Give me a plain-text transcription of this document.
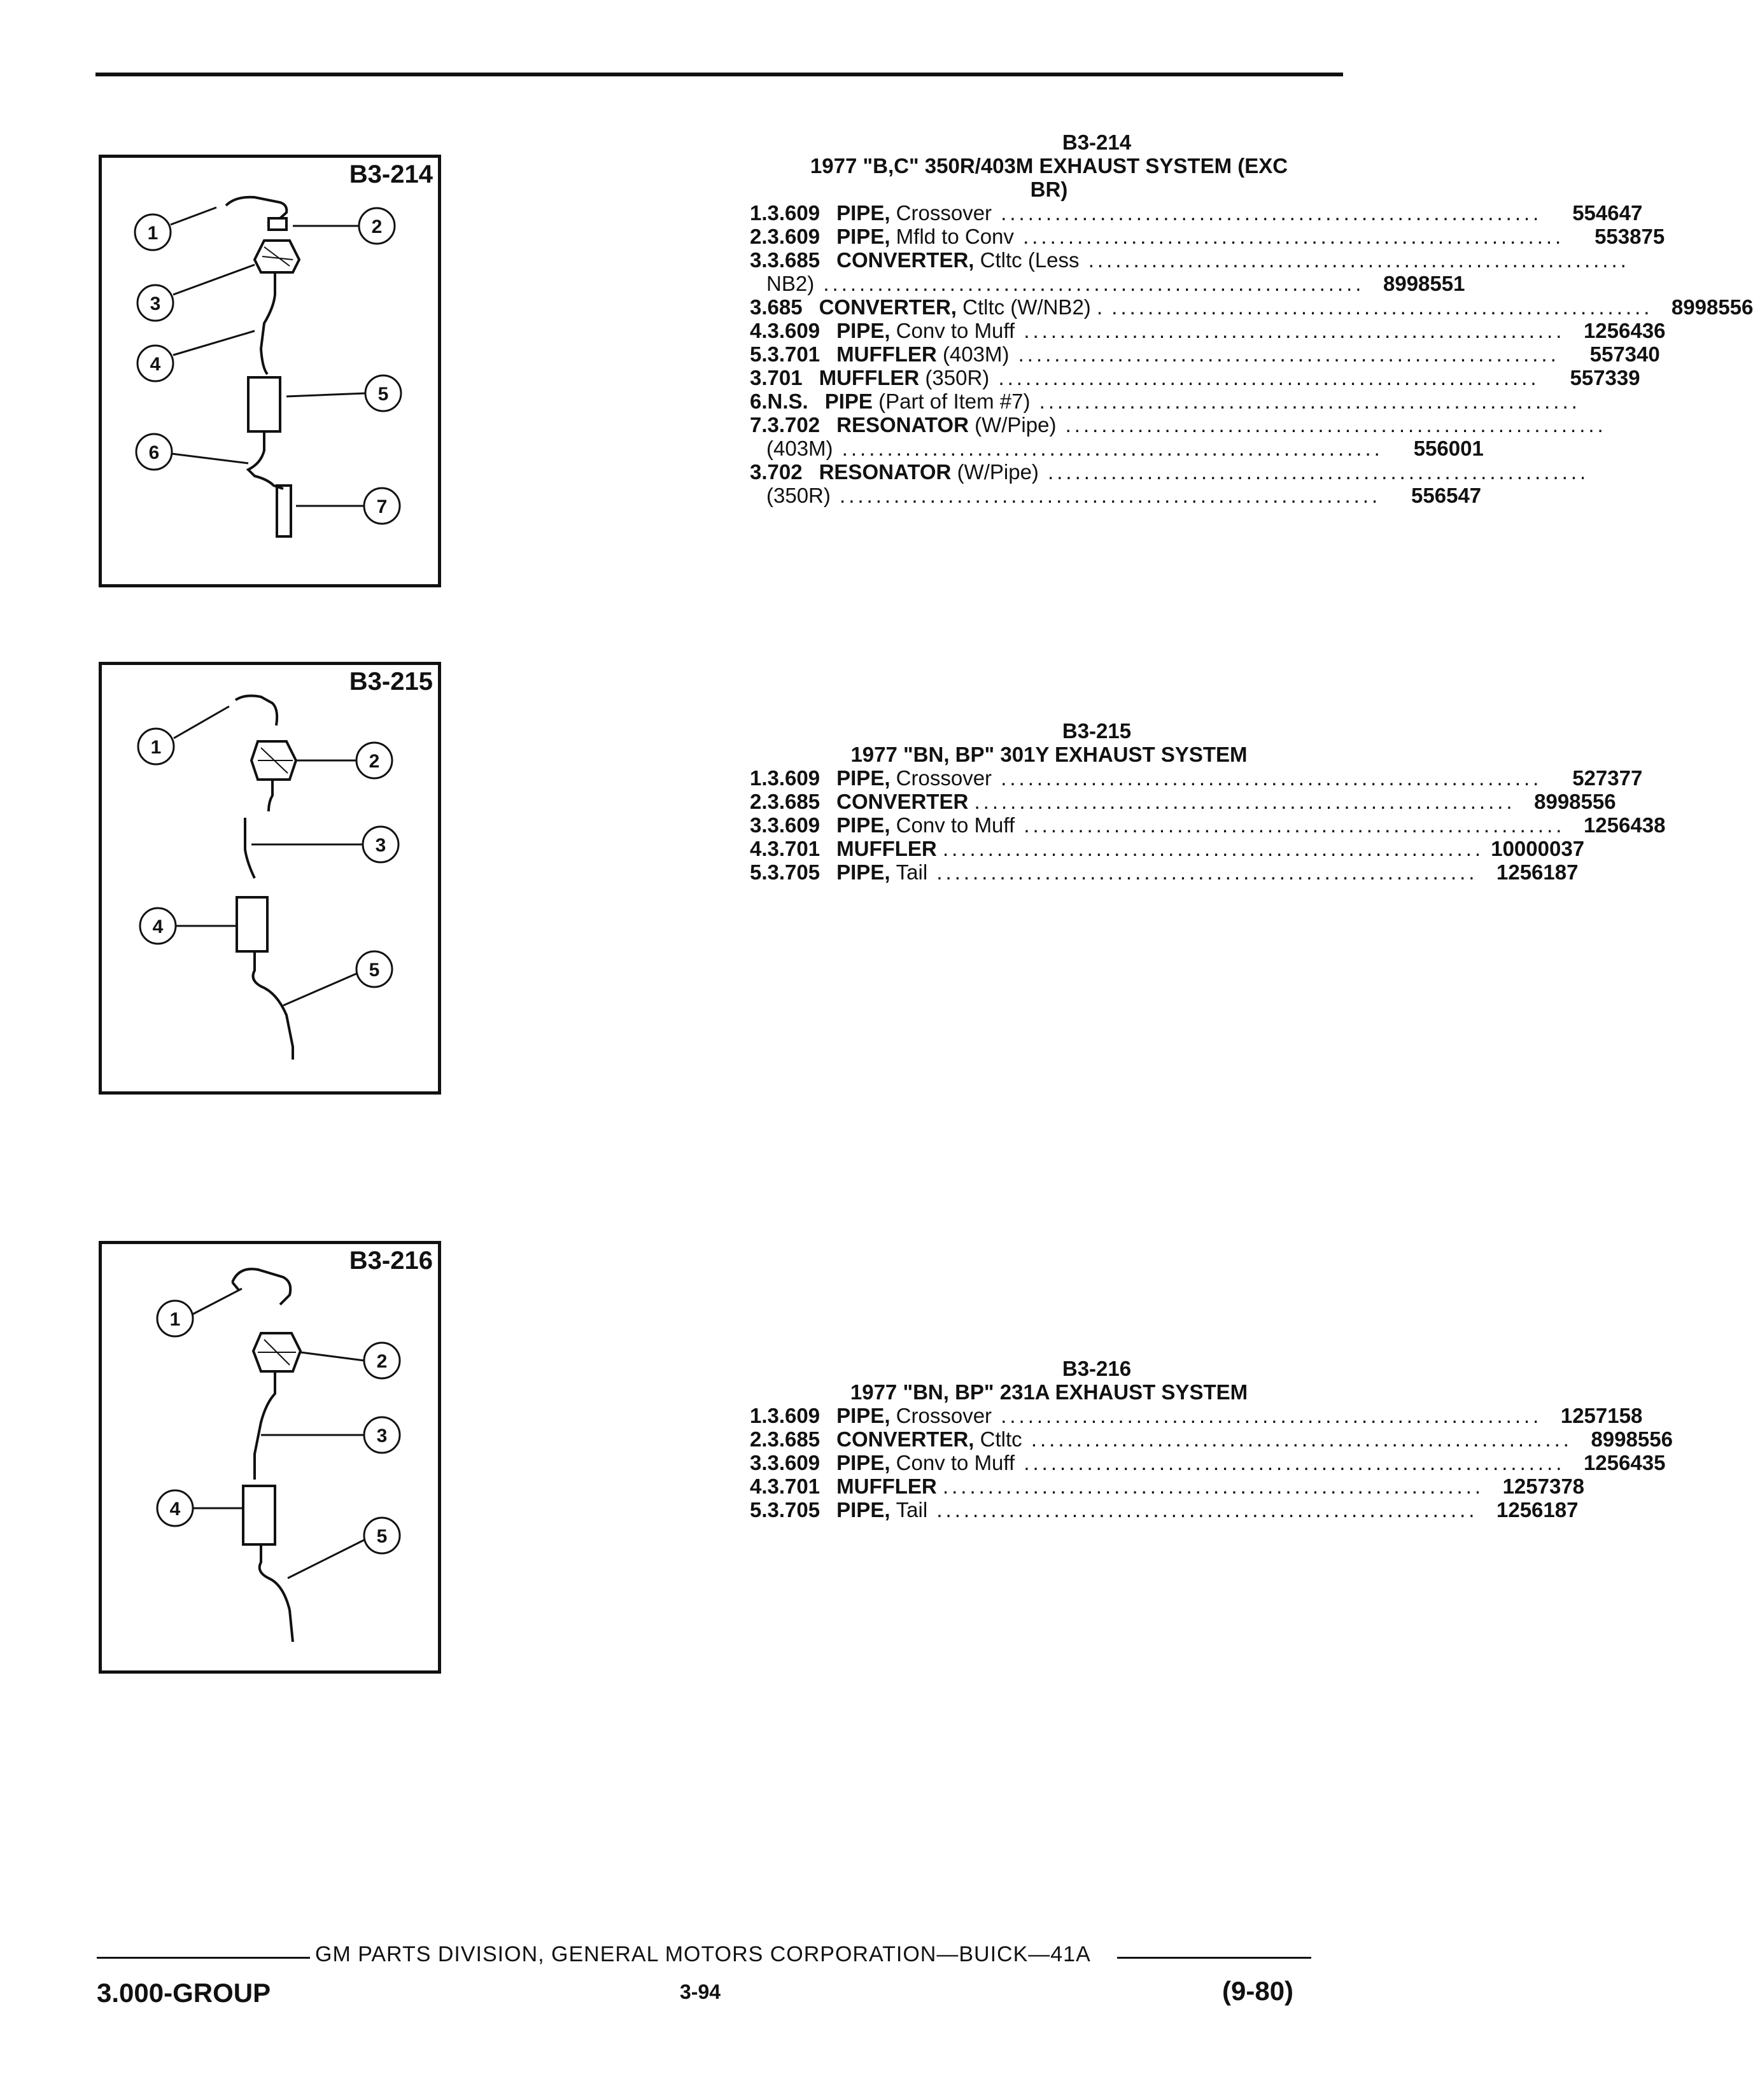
B3-214
1	2
3
4
5
6
7
B3-215
1
2
3
4
5
B3-216
1
2
3
4
5
B3-214
1977 "B,C" 350R/403M EXHAUST SYSTEM (EXC
BR)
1. 3.609 PIPE, Crossover ............................................................	554647
2. 3.609 PIPE, Mfld to Conv ............................................................	553875
3. 3.685 CONVERTER, Ctltc (Less ............................................................
NB2) ............................................................ 8998551
3.685 CONVERTER, Ctltc (W/NB2) . ............................................................ 8998556
4. 3.609 PIPE, Conv to Muff ............................................................ 1256436
5. 3.701 MUFFLER (403M) ............................................................	557340
3.701 MUFFLER (350R) ............................................................	557339
6. N.S. PIPE (Part of Item #7) ............................................................
7. 3.702 RESONATOR (W/Pipe) ............................................................
(403M) ............................................................	556001
3.702 RESONATOR (W/Pipe) ............................................................
(350R) ............................................................	556547
B3-215
1977 "BN, BP" 301Y EXHAUST SYSTEM
1. 3.609 PIPE, Crossover ............................................................	527377
2. 3.685 CONVERTER ............................................................ 8998556
3. 3.609 PIPE, Conv to Muff ............................................................ 1256438
4. 3.701 MUFFLER ............................................................ 10000037
5. 3.705 PIPE, Tail ............................................................ 1256187
B3-216
1977 "BN, BP" 231A EXHAUST SYSTEM
1. 3.609 PIPE, Crossover ............................................................ 1257158
2. 3.685 CONVERTER, Ctltc ............................................................ 8998556
3. 3.609 PIPE, Conv to Muff ............................................................ 1256435
4. 3.701 MUFFLER ............................................................ 1257378
5. 3.705 PIPE, Tail ............................................................ 1256187
GM PARTS DIVISION, GENERAL MOTORS CORPORATION—BUICK—41A
3.000-GROUP	3-94	(9-80)
